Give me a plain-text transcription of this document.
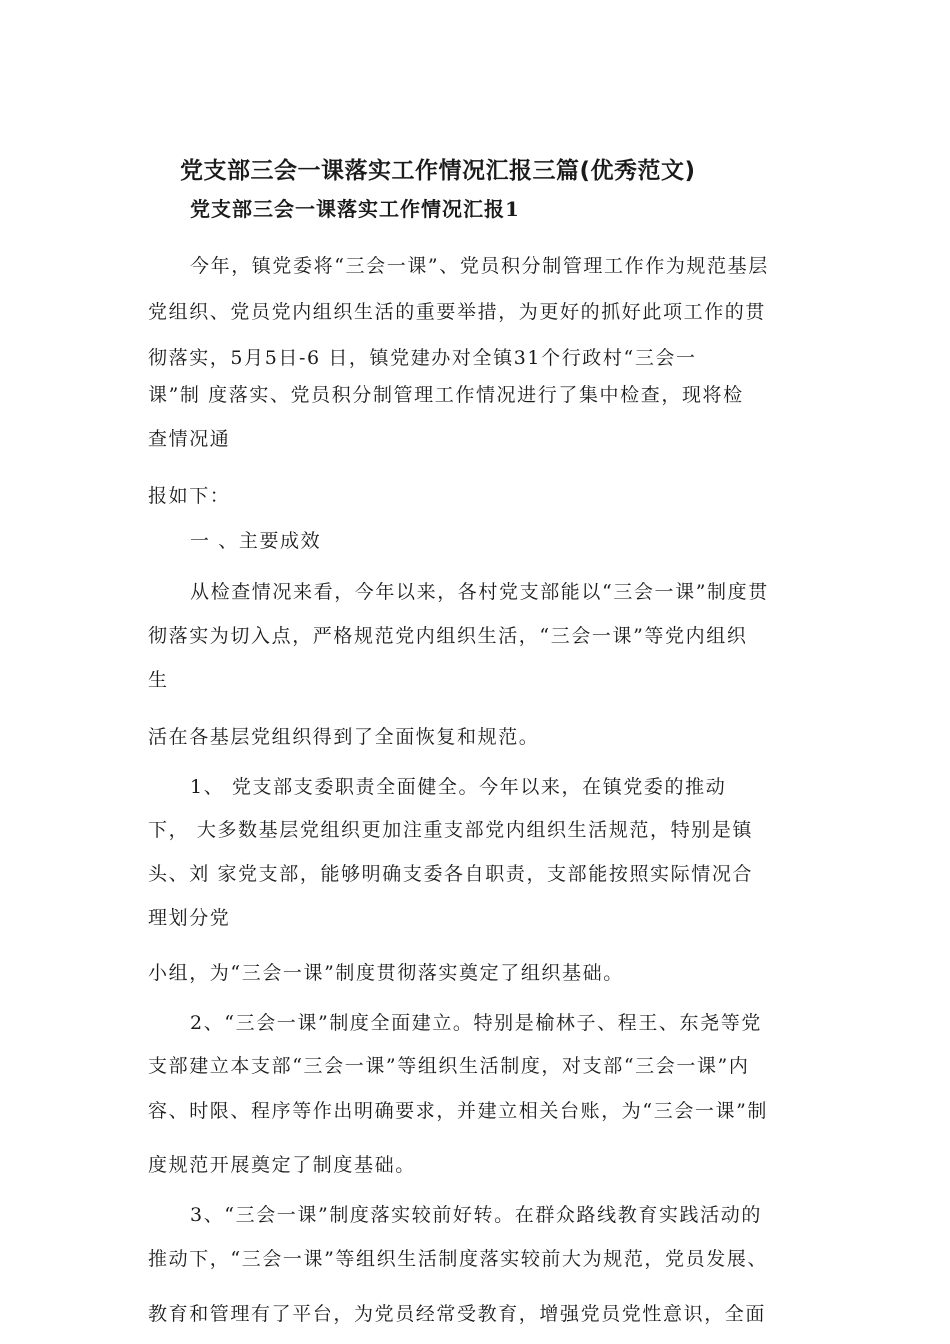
党支部三会一课落实工作情况汇报三篇(优秀范文)
党支部三会一课落实工作情况汇报1
今年，镇党委将“三会一课”、党员积分制管理工作作为规范基层
党组织、党员党内组织生活的重要举措，为更好的抓好此项工作的贯
彻落实，5月5日-6 日，镇党建办对全镇31个行政村“三会一
课”制 度落实、党员积分制管理工作情况进行了集中检查，现将检
查情况通
报如下：
一 、主要成效
从检查情况来看，今年以来，各村党支部能以“三会一课”制度贯
彻落实为切入点，严格规范党内组织生活，“三会一课”等党内组织
生
活在各基层党组织得到了全面恢复和规范。
1、 党支部支委职责全面健全。今年以来，在镇党委的推动
下， 大多数基层党组织更加注重支部党内组织生活规范，特别是镇
头、刘 家党支部，能够明确支委各自职责，支部能按照实际情况合
理划分党
小组，为“三会一课”制度贯彻落实奠定了组织基础。
2、“三会一课”制度全面建立。特别是榆林子、程王、东尧等党
支部建立本支部“三会一课”等组织生活制度，对支部“三会一课”内
容、时限、程序等作出明确要求，并建立相关台账，为“三会一课”制
度规范开展奠定了制度基础。
3、“三会一课”制度落实较前好转。在群众路线教育实践活动的
推动下，“三会一课”等组织生活制度落实较前大为规范，党员发展、
教育和管理有了平台，为党员经常受教育，增强党员党性意识，全面
